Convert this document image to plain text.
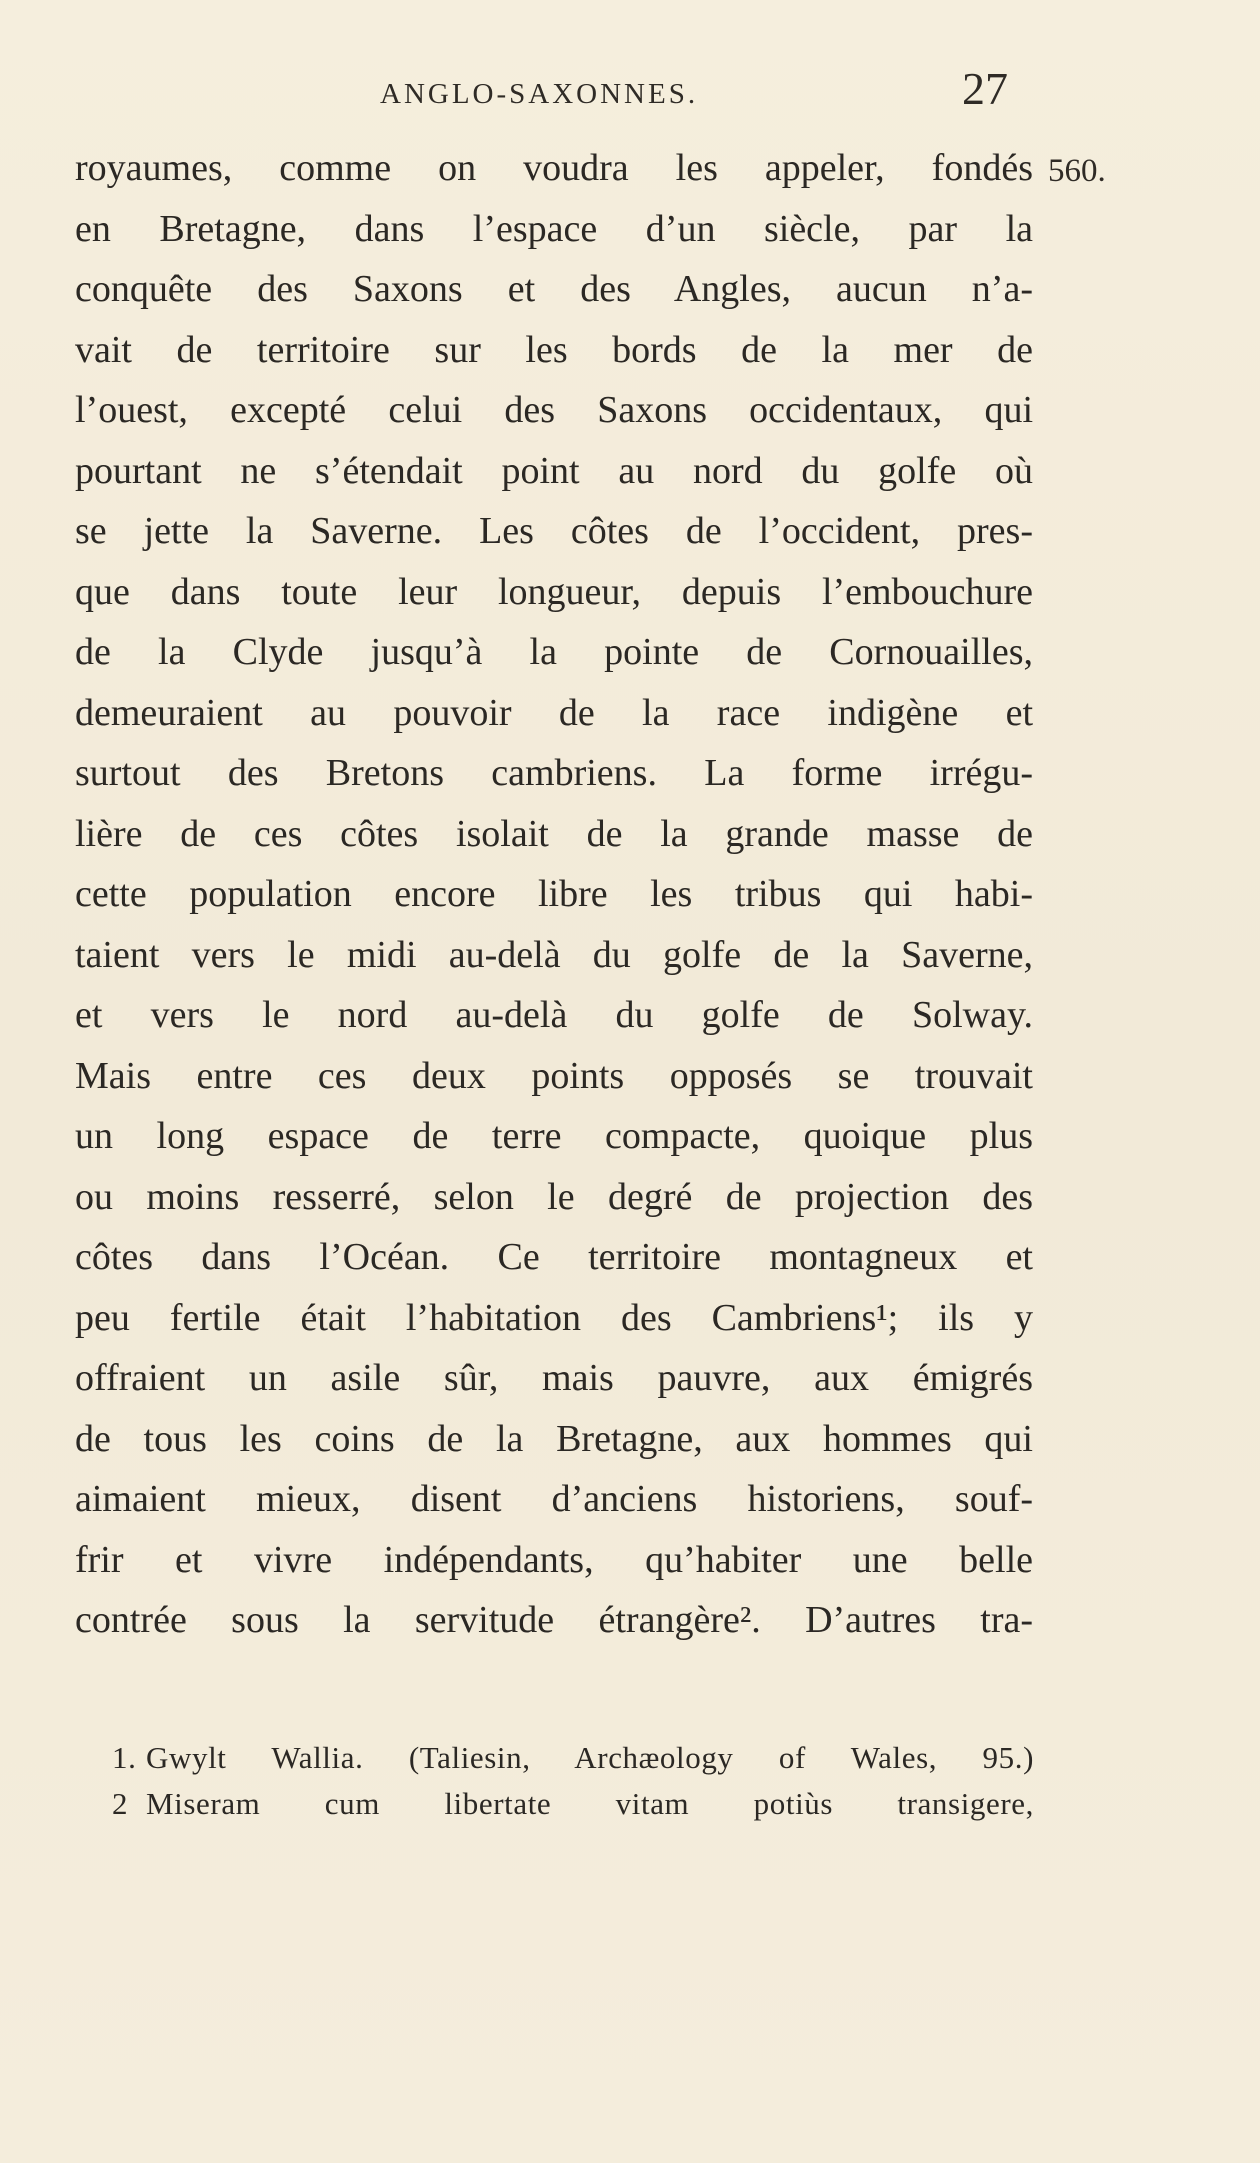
ANGLO-SAXONNES.	27
560.
royaumes, comme on voudra les appeler, fondés
en Bretagne, dans l’espace d’un siècle, par la
conquête des Saxons et des Angles, aucun n’a-
vait de territoire sur les bords de la mer de
l’ouest, excepté celui des Saxons occidentaux, qui
pourtant ne s’étendait point au nord du golfe où
se jette la Saverne. Les côtes de l’occident, pres-
que dans toute leur longueur, depuis l’embouchure
de la Clyde jusqu’à la pointe de Cornouailles,
demeuraient au pouvoir de la race indigène et
surtout des Bretons cambriens. La forme irrégu-
lière de ces côtes isolait de la grande masse de
cette population encore libre les tribus qui habi-
taient vers le midi au-delà du golfe de la Saverne,
et vers le nord au-delà du golfe de Solway.
Mais entre ces deux points opposés se trouvait
un long espace de terre compacte, quoique plus
ou moins resserré, selon le degré de projection des
côtes dans l’Océan. Ce territoire montagneux et
peu fertile était l’habitation des Cambriens¹; ils y
offraient un asile sûr, mais pauvre, aux émigrés
de tous les coins de la Bretagne, aux hommes qui
aimaient mieux, disent d’anciens historiens, souf-
frir et vivre indépendants, qu’habiter une belle
contrée sous la servitude étrangère². D’autres tra-
1. Gwylt Wallia. (Taliesin, Archæology of Wales, 95.)
2 Miseram cum libertate vitam potiùs transigere,
